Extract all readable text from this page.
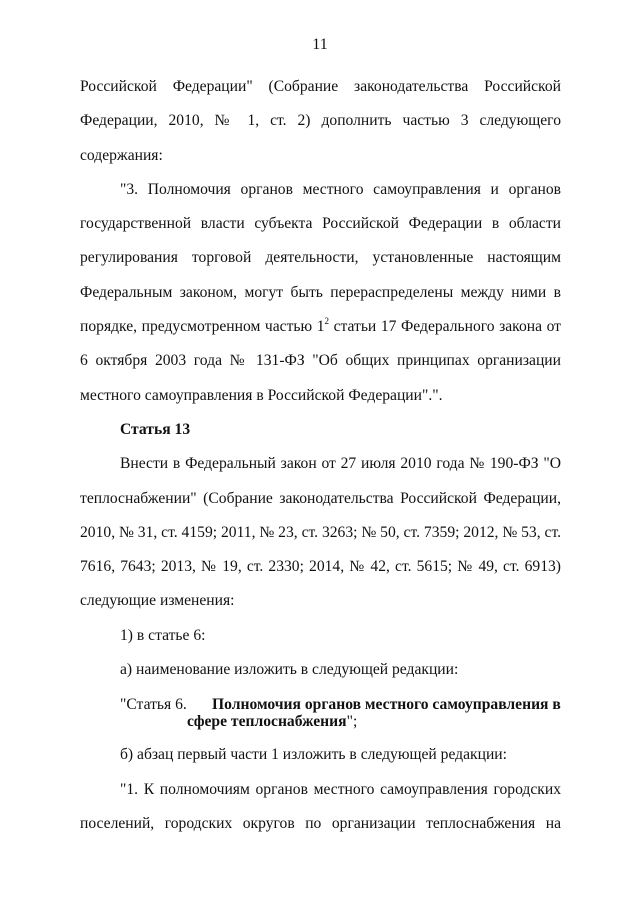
11

Российской Федерации" (Собрание законодательства Российской Федерации, 2010, № 1, ст. 2) дополнить частью 3 следующего содержания:

"3. Полномочия органов местного самоуправления и органов государственной власти субъекта Российской Федерации в области регулирования торговой деятельности, установленные настоящим Федеральным законом, могут быть перераспределены между ними в порядке, предусмотренном частью $1^2$ статьи 17 Федерального закона от 6 октября 2003 года № 131-ФЗ "Об общих принципах организации местного самоуправления в Российской Федерации".".

Статья 13

Внести в Федеральный закон от 27 июля 2010 года № 190-ФЗ "О теплоснабжении" (Собрание законодательства Российской Федерации, 2010, № 31, ст. 4159; 2011, № 23, ст. 3263; № 50, ст. 7359; 2012, № 53, ст. 7616, 7643; 2013, № 19, ст. 2330; 2014, № 42, ст. 5615; № 49, ст. 6913) следующие изменения:

1) в статье 6:

а) наименование изложить в следующей редакции:

"Статья 6. Полномочия органов местного самоуправления в
сфере теплоснабжения";

б) абзац первый части 1 изложить в следующей редакции:

"1. К полномочиям органов местного самоуправления городских поселений, городских округов по организации теплоснабжения на
